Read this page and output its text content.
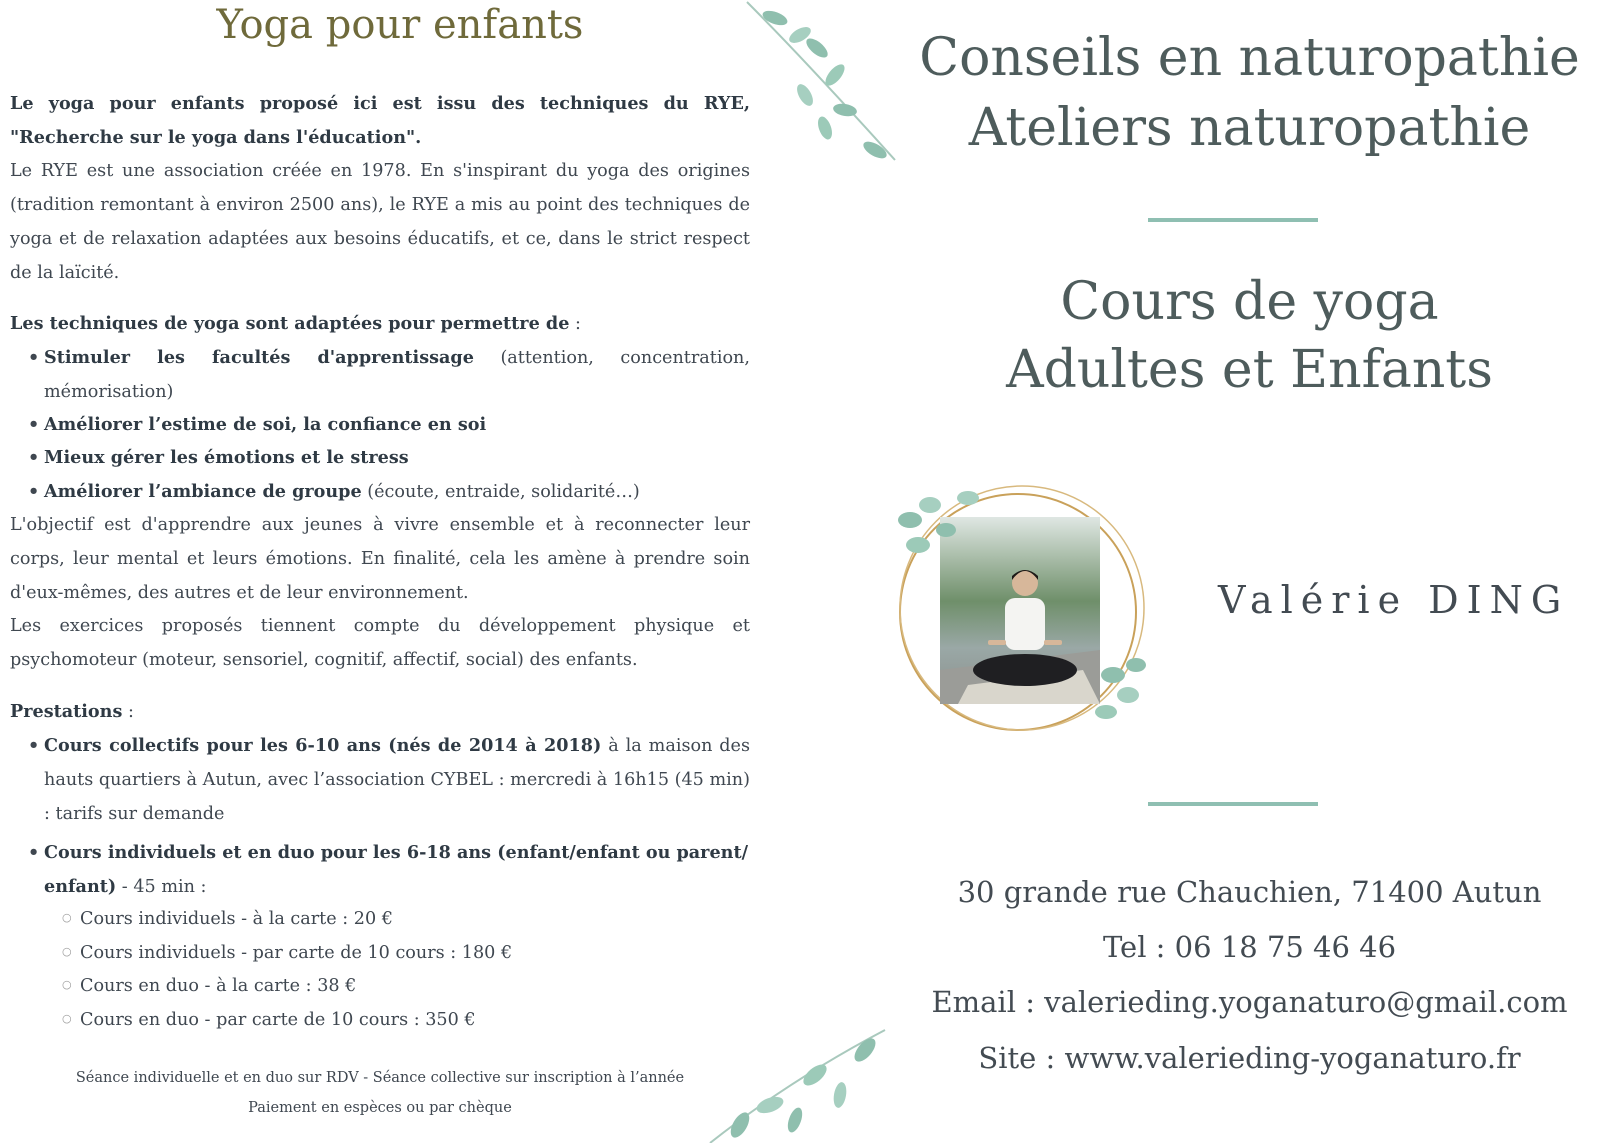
Yoga pour enfants

Le yoga pour enfants proposé ici est issu des techniques du RYE, "Recherche sur le yoga dans l'éducation".

Le RYE est une association créée en 1978. En s'inspirant du yoga des origines (tradition remontant à environ 2500 ans), le RYE a mis au point des techniques de yoga et de relaxation adaptées aux besoins éducatifs, et ce, dans le strict respect de la laïcité.

Les techniques de yoga sont adaptées pour permettre de :

• Stimuler les facultés d'apprentissage (attention, concentration, mémorisation)

• Améliorer l’estime de soi, la confiance en soi

• Mieux gérer les émotions et le stress

• Améliorer l’ambiance de groupe (écoute, entraide, solidarité…)

L'objectif est d'apprendre aux jeunes à vivre ensemble et à reconnecter leur corps, leur mental et leurs émotions. En finalité, cela les amène à prendre soin d'eux-mêmes, des autres et de leur environnement.

Les exercices proposés tiennent compte du développement physique et psychomoteur (moteur, sensoriel, cognitif, affectif, social) des enfants.

Prestations :

• Cours collectifs pour les 6-10 ans (nés de 2014 à 2018) à la maison des hauts quartiers à Autun, avec l’association CYBEL : mercredi à 16h15 (45 min) : tarifs sur demande

• Cours individuels et en duo pour les 6-18 ans (enfant/enfant ou parent/ enfant) - 45 min :

○ Cours individuels - à la carte : 20 €

○ Cours individuels - par carte de 10 cours : 180 €

○ Cours en duo - à la carte : 38 €

○ Cours en duo - par carte de 10 cours : 350 €

Séance individuelle et en duo sur RDV - Séance collective sur inscription à l’année

Paiement en espèces ou par chèque

Conseils en naturopathie
Ateliers naturopathie
Cours de yoga
Adultes et Enfants

30 grande rue Chauchien, 71400 Autun

Tel : 06 18 75 46 46

Email : valerieding.yoganaturo@gmail.com

Site : www.valerieding-yoganaturo.fr

Valérie DING
